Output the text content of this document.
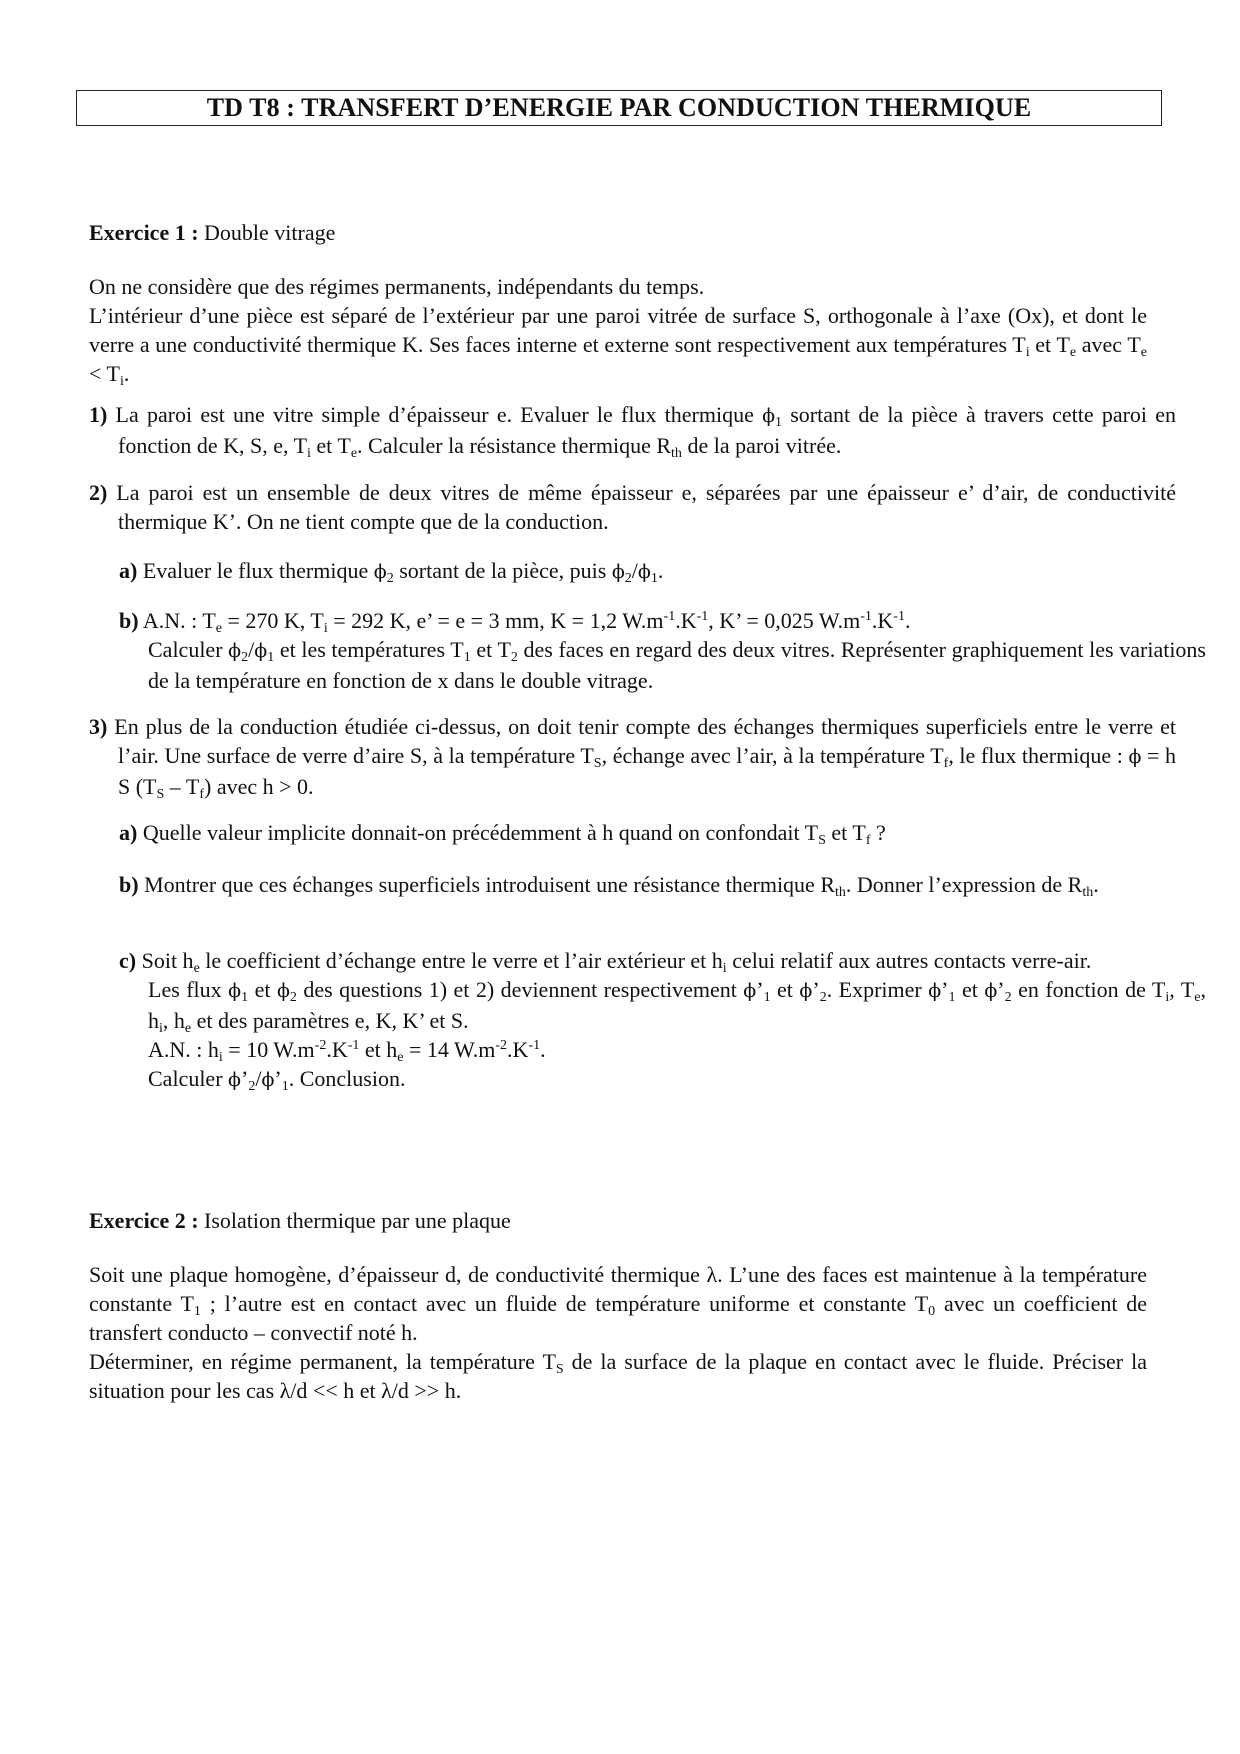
TD T8 : TRANSFERT D’ENERGIE PAR CONDUCTION THERMIQUE
Exercice 1 : Double vitrage

On ne considère que des régimes permanents, indépendants du temps.

L’intérieur d’une pièce est séparé de l’extérieur par une paroi vitrée de surface S, orthogonale à l’axe (Ox), et dont le verre a une conductivité thermique K. Ses faces interne et externe sont respectivement aux températures $T_i$ et $T_e$ avec $T_e < T_i$.

1) La paroi est une vitre simple d’épaisseur e. Evaluer le flux thermique $\phi_1$ sortant de la pièce à travers cette paroi en fonction de K, S, e, $T_i$ et $T_e$. Calculer la résistance thermique $R_{th}$ de la paroi vitrée.
2) La paroi est un ensemble de deux vitres de même épaisseur e, séparées par une épaisseur e’ d’air, de conductivité thermique K’. On ne tient compte que de la conduction.
a) Evaluer le flux thermique $\phi_2$ sortant de la pièce, puis $\phi_2/\phi_1$.
b) A.N. : $T_e = 270$ K, $T_i = 292$ K, e’ = e = 3 mm, K = 1,2 $W.m^{-1}.K^{-1}$, K’ = 0,025 $W.m^{-1}.K^{-1}$.
Calculer $\phi_2/\phi_1$ et les températures $T_1$ et $T_2$ des faces en regard des deux vitres. Représenter graphiquement les variations de la température en fonction de x dans le double vitrage.
3) En plus de la conduction étudiée ci-dessus, on doit tenir compte des échanges thermiques superficiels entre le verre et l’air. Une surface de verre d’aire S, à la température $T_S$, échange avec l’air, à la température $T_f$, le flux thermique : ϕ = h S $(T_S - T_f)$ avec h > 0.
a) Quelle valeur implicite donnait-on précédemment à h quand on confondait $T_S$ et $T_f$ ?
b) Montrer que ces échanges superficiels introduisent une résistance thermique $R_{th}$. Donner l’expression de $R_{th}$.
c) Soit $h_e$ le coefficient d’échange entre le verre et l’air extérieur et $h_i$ celui relatif aux autres contacts verre-air.
Les flux $\phi_1$ et $\phi_2$ des questions 1) et 2) deviennent respectivement $\phi’_1$ et $\phi’_2$. Exprimer $\phi’_1$ et $\phi’_2$ en fonction de $T_i$, $T_e$, $h_i$, $h_e$ et des paramètres e, K, K’ et S.
A.N. : $h_i = 10$ $W.m^{-2}.K^{-1}$ et $h_e = 14$ $W.m^{-2}.K^{-1}$.
Calculer $\phi’_2/\phi’_1$. Conclusion.
Exercice 2 : Isolation thermique par une plaque

Soit une plaque homogène, d’épaisseur d, de conductivité thermique λ. L’une des faces est maintenue à la température constante $T_1$ ; l’autre est en contact avec un fluide de température uniforme et constante $T_0$ avec un coefficient de transfert conducto – convectif noté h.

Déterminer, en régime permanent, la température $T_S$ de la surface de la plaque en contact avec le fluide. Préciser la situation pour les cas λ/d << h et λ/d >> h.
